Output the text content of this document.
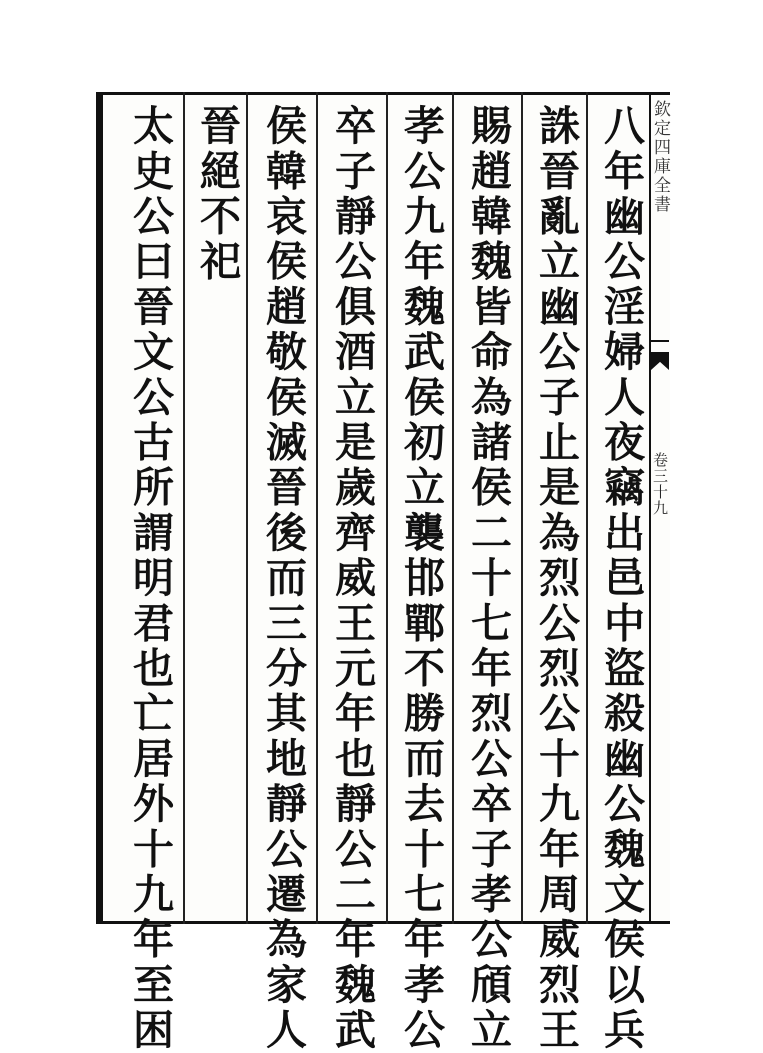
欽定四庫全書
卷三十九
八年幽公淫婦人夜竊出邑中盜殺幽公魏文侯以兵
誅晉亂立幽公子止是為烈公烈公十九年周威烈王
賜趙韓魏皆命為諸侯二十七年烈公卒子孝公頎立
孝公九年魏武侯初立襲邯鄲不勝而去十七年孝公
卒子靜公俱酒立是歲齊威王元年也靜公二年魏武
侯韓哀侯趙敬侯滅晉後而三分其地靜公遷為家人
晉絕不祀
太史公曰晉文公古所謂明君也亡居外十九年至困
